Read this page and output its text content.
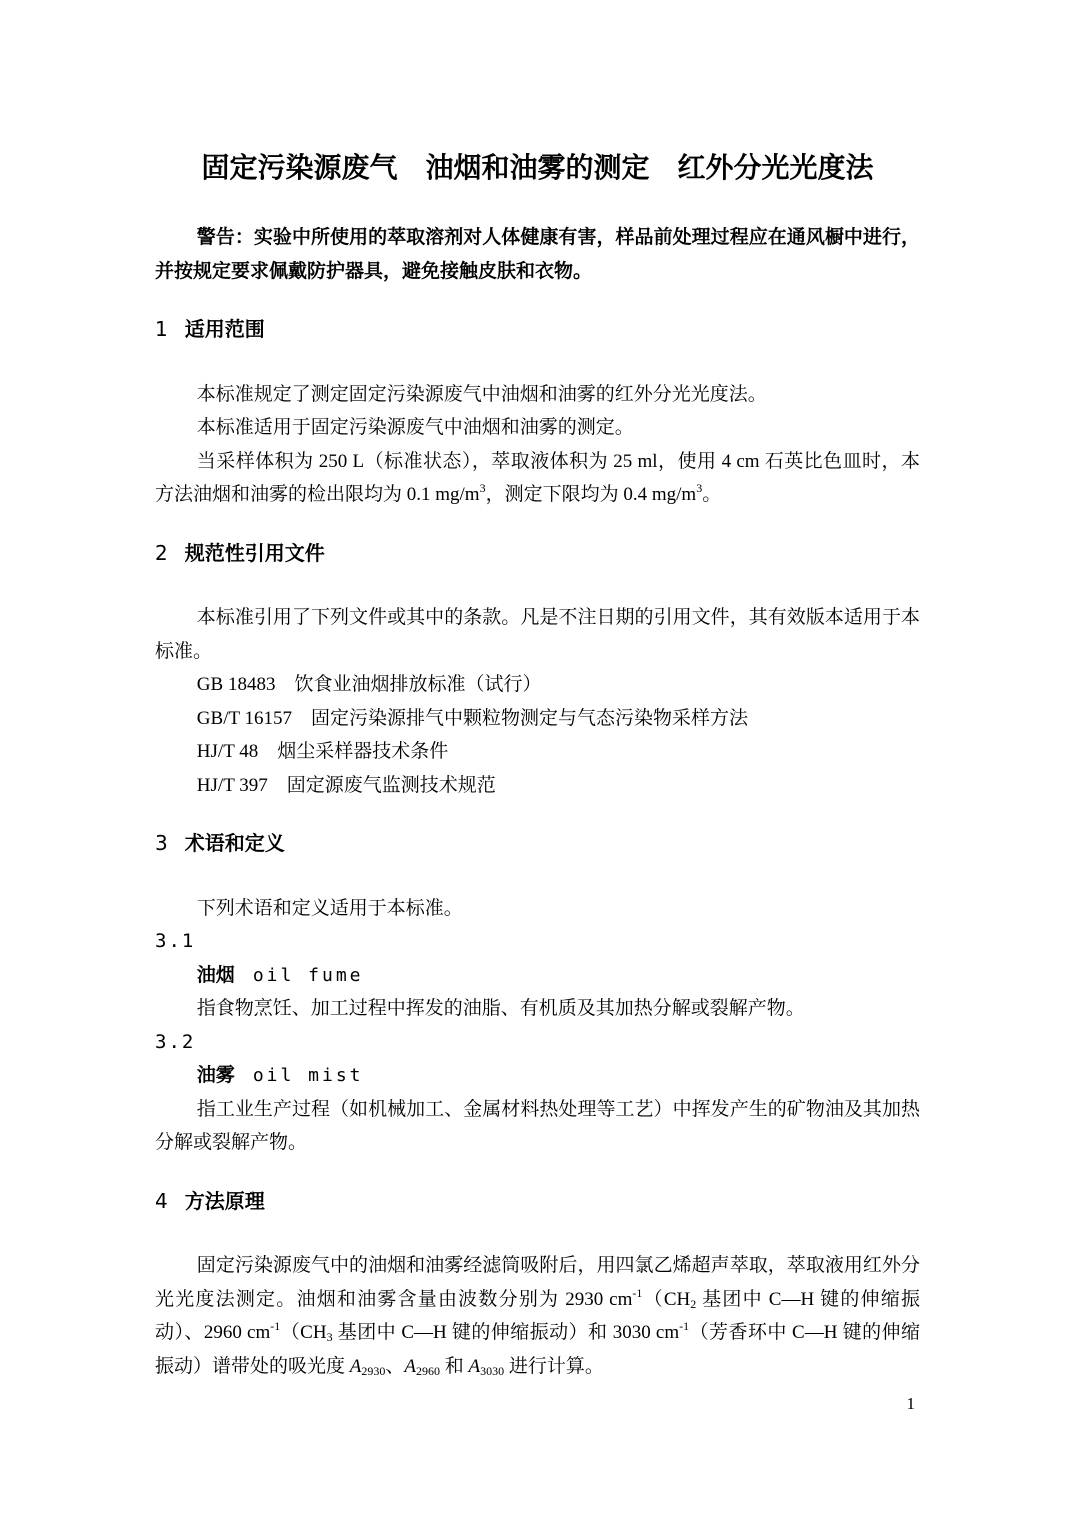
固定污染源废气　油烟和油雾的测定　红外分光光度法

警告：实验中所使用的萃取溶剂对人体健康有害，样品前处理过程应在通风橱中进行，并按规定要求佩戴防护器具，避免接触皮肤和衣物。

1 适用范围

本标准规定了测定固定污染源废气中油烟和油雾的红外分光光度法。

本标准适用于固定污染源废气中油烟和油雾的测定。

当采样体积为 250 L（标准状态），萃取液体积为 25 ml，使用 4 cm 石英比色皿时，本方法油烟和油雾的检出限均为 0.1 $mg/m^3$，测定下限均为 0.4 $mg/m^3$。

2 规范性引用文件

本标准引用了下列文件或其中的条款。凡是不注日期的引用文件，其有效版本适用于本标准。

GB 18483　饮食业油烟排放标准（试行）

GB/T 16157　固定污染源排气中颗粒物测定与气态污染物采样方法

HJ/T 48　烟尘采样器技术条件

HJ/T 397　固定源废气监测技术规范

3 术语和定义

下列术语和定义适用于本标准。

3.1

油烟 oil fume

指食物烹饪、加工过程中挥发的油脂、有机质及其加热分解或裂解产物。

3.2

油雾 oil mist

指工业生产过程（如机械加工、金属材料热处理等工艺）中挥发产生的矿物油及其加热分解或裂解产物。

4 方法原理

固定污染源废气中的油烟和油雾经滤筒吸附后，用四氯乙烯超声萃取，萃取液用红外分光光度法测定。油烟和油雾含量由波数分别为 2930 $cm^{-1}(CH_2$ 基团中 C—H 键的伸缩振动）、2960 $cm^{-1}(CH_3$ 基团中 C—H 键的伸缩振动）和 3030 $cm^{-1}$（芳香环中 C—H 键的伸缩振动）谱带处的吸光度 $A_{2930}$、$A_{2960}$ 和 $A_{3030}$ 进行计算。

1
